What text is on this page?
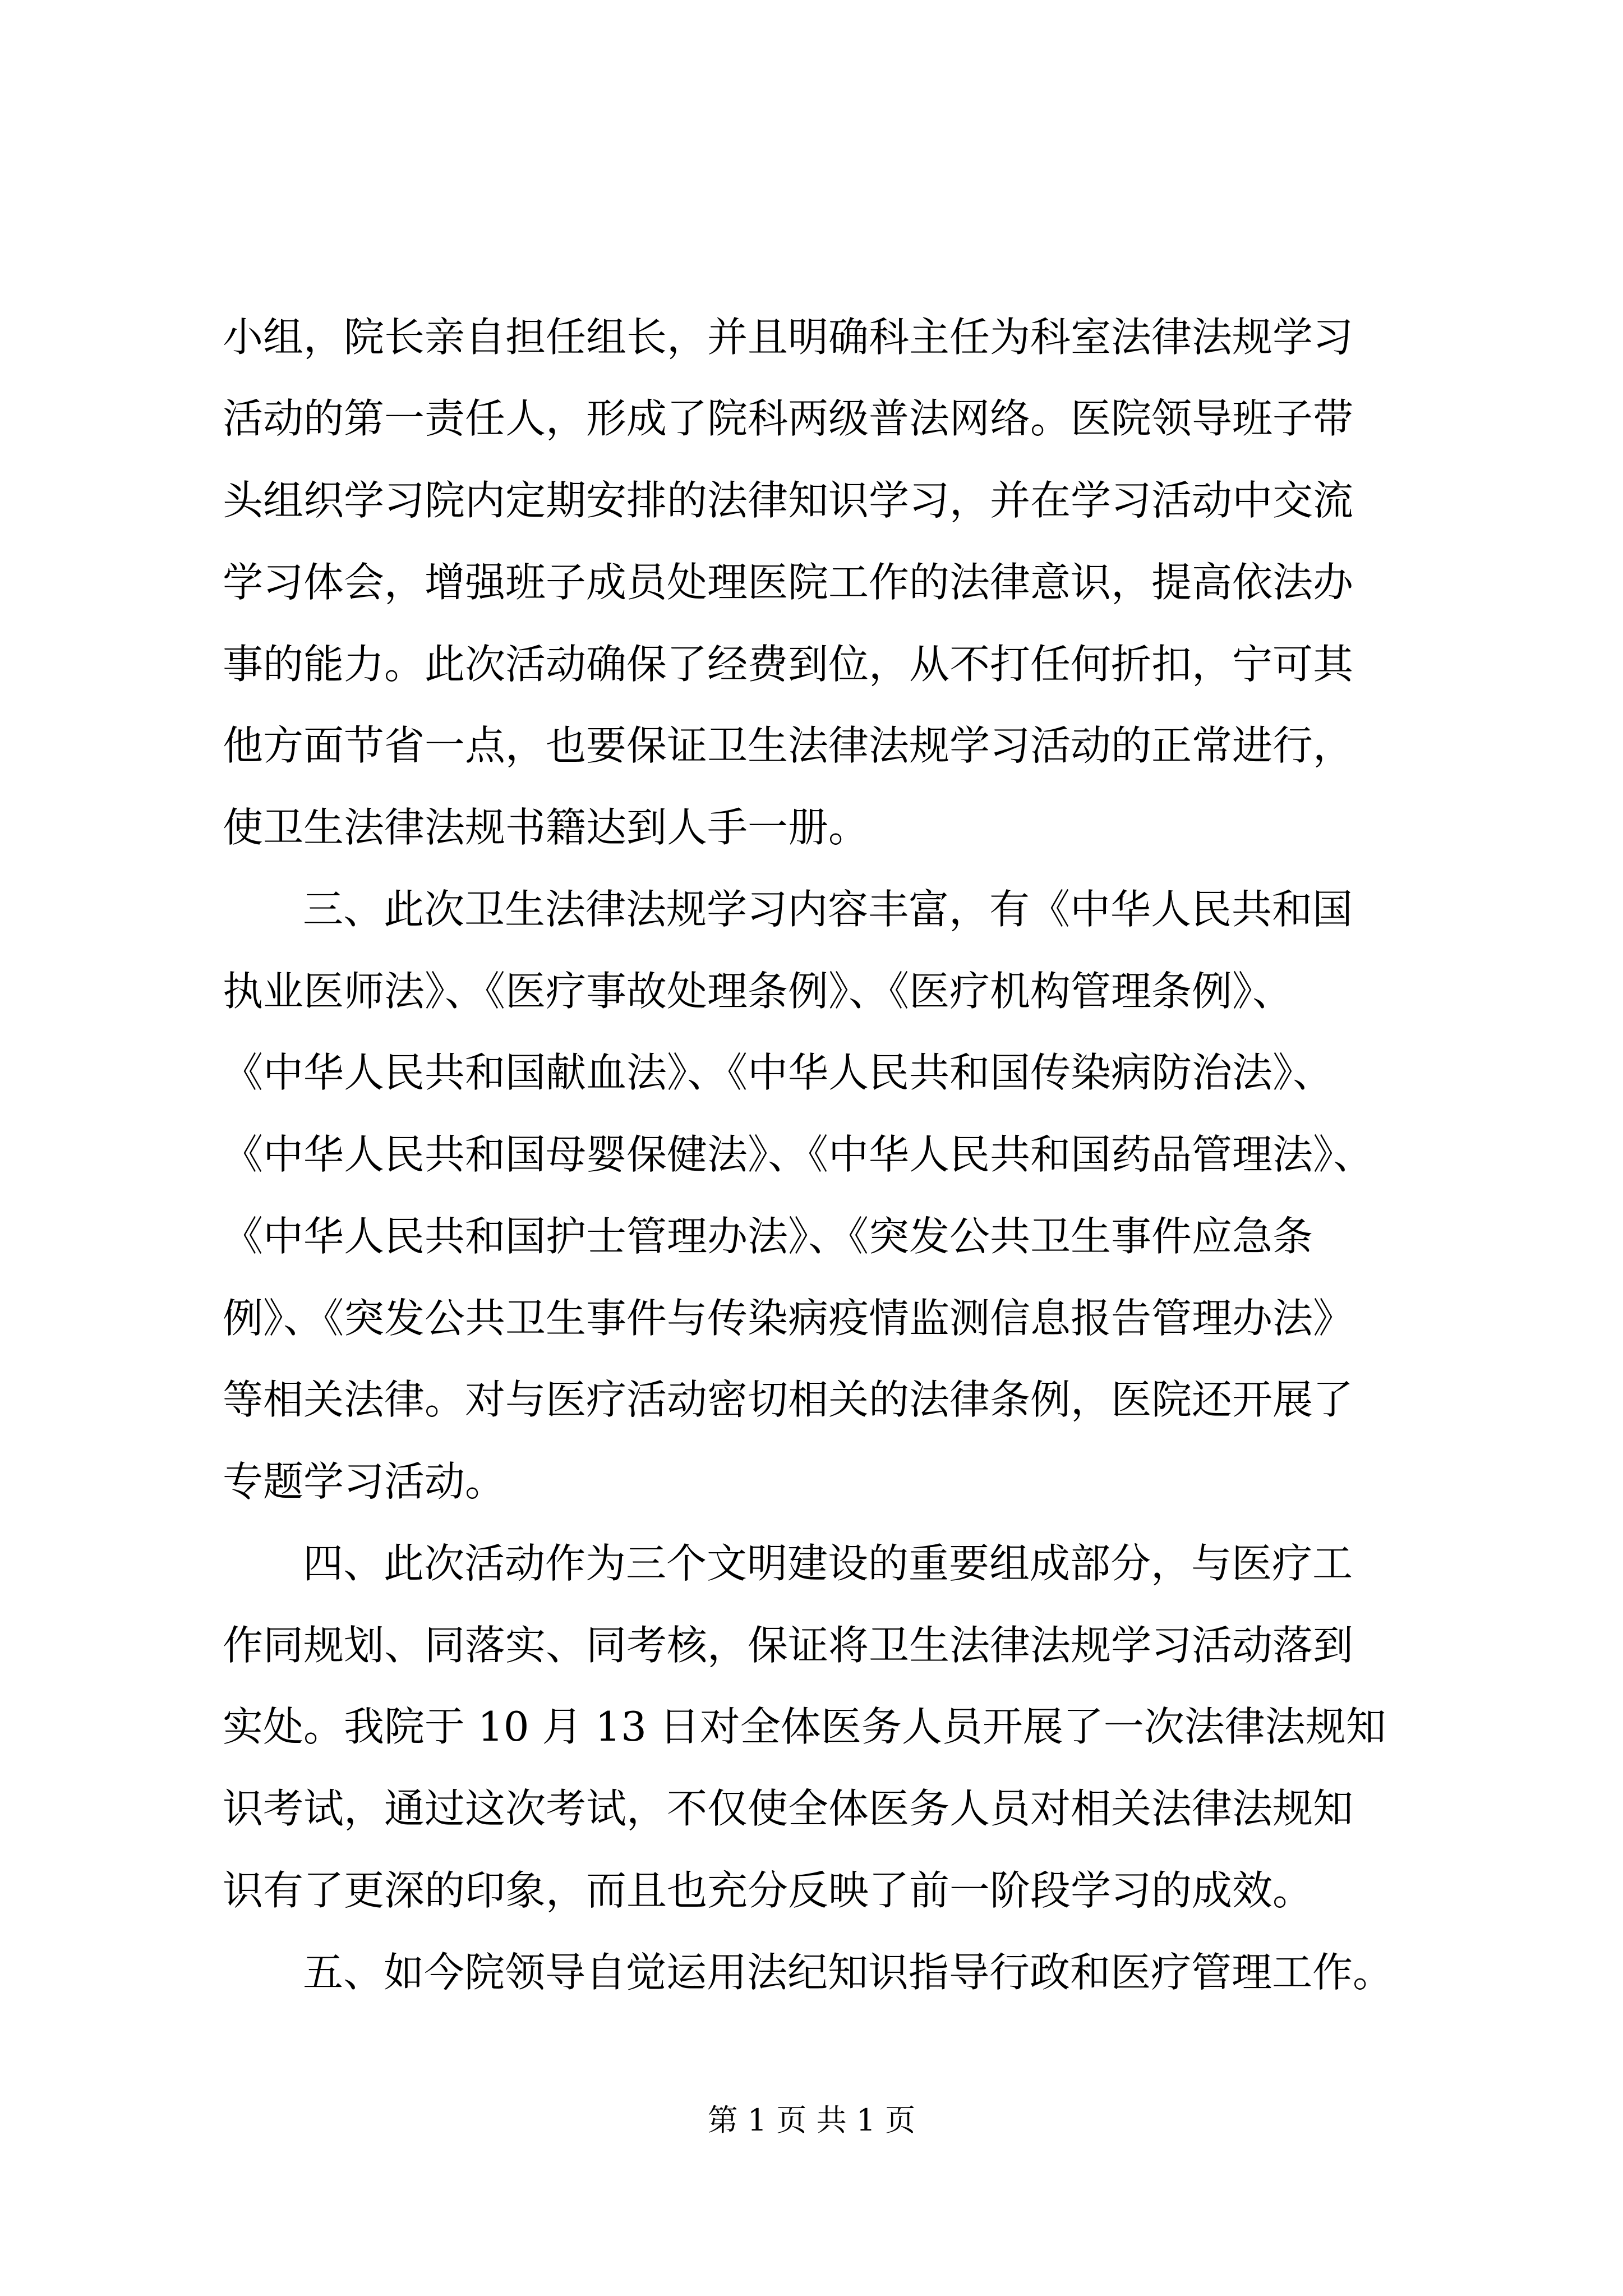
小组，院长亲自担任组长，并且明确科主任为科室法律法规学习
活动的第一责任人，形成了院科两级普法网络。医院领导班子带
头组织学习院内定期安排的法律知识学习，并在学习活动中交流
学习体会，增强班子成员处理医院工作的法律意识，提高依法办
事的能力。此次活动确保了经费到位，从不打任何折扣，宁可其
他方面节省一点，也要保证卫生法律法规学习活动的正常进行，
使卫生法律法规书籍达到人手一册。
三、此次卫生法律法规学习内容丰富，有《中华人民共和国
执业医师法》、《医疗事故处理条例》、《医疗机构管理条例》、
《中华人民共和国献血法》、《中华人民共和国传染病防治法》、
《中华人民共和国母婴保健法》、《中华人民共和国药品管理法》、
《中华人民共和国护士管理办法》、《突发公共卫生事件应急条
例》、《突发公共卫生事件与传染病疫情监测信息报告管理办法》
等相关法律。对与医疗活动密切相关的法律条例，医院还开展了
专题学习活动。
四、此次活动作为三个文明建设的重要组成部分，与医疗工
作同规划、同落实、同考核，保证将卫生法律法规学习活动落到
实处。我院于 10 月 13 日对全体医务人员开展了一次法律法规知
识考试，通过这次考试，不仅使全体医务人员对相关法律法规知
识有了更深的印象，而且也充分反映了前一阶段学习的成效。
五、如今院领导自觉运用法纪知识指导行政和医疗管理工作。
第 1 页 共 1 页
